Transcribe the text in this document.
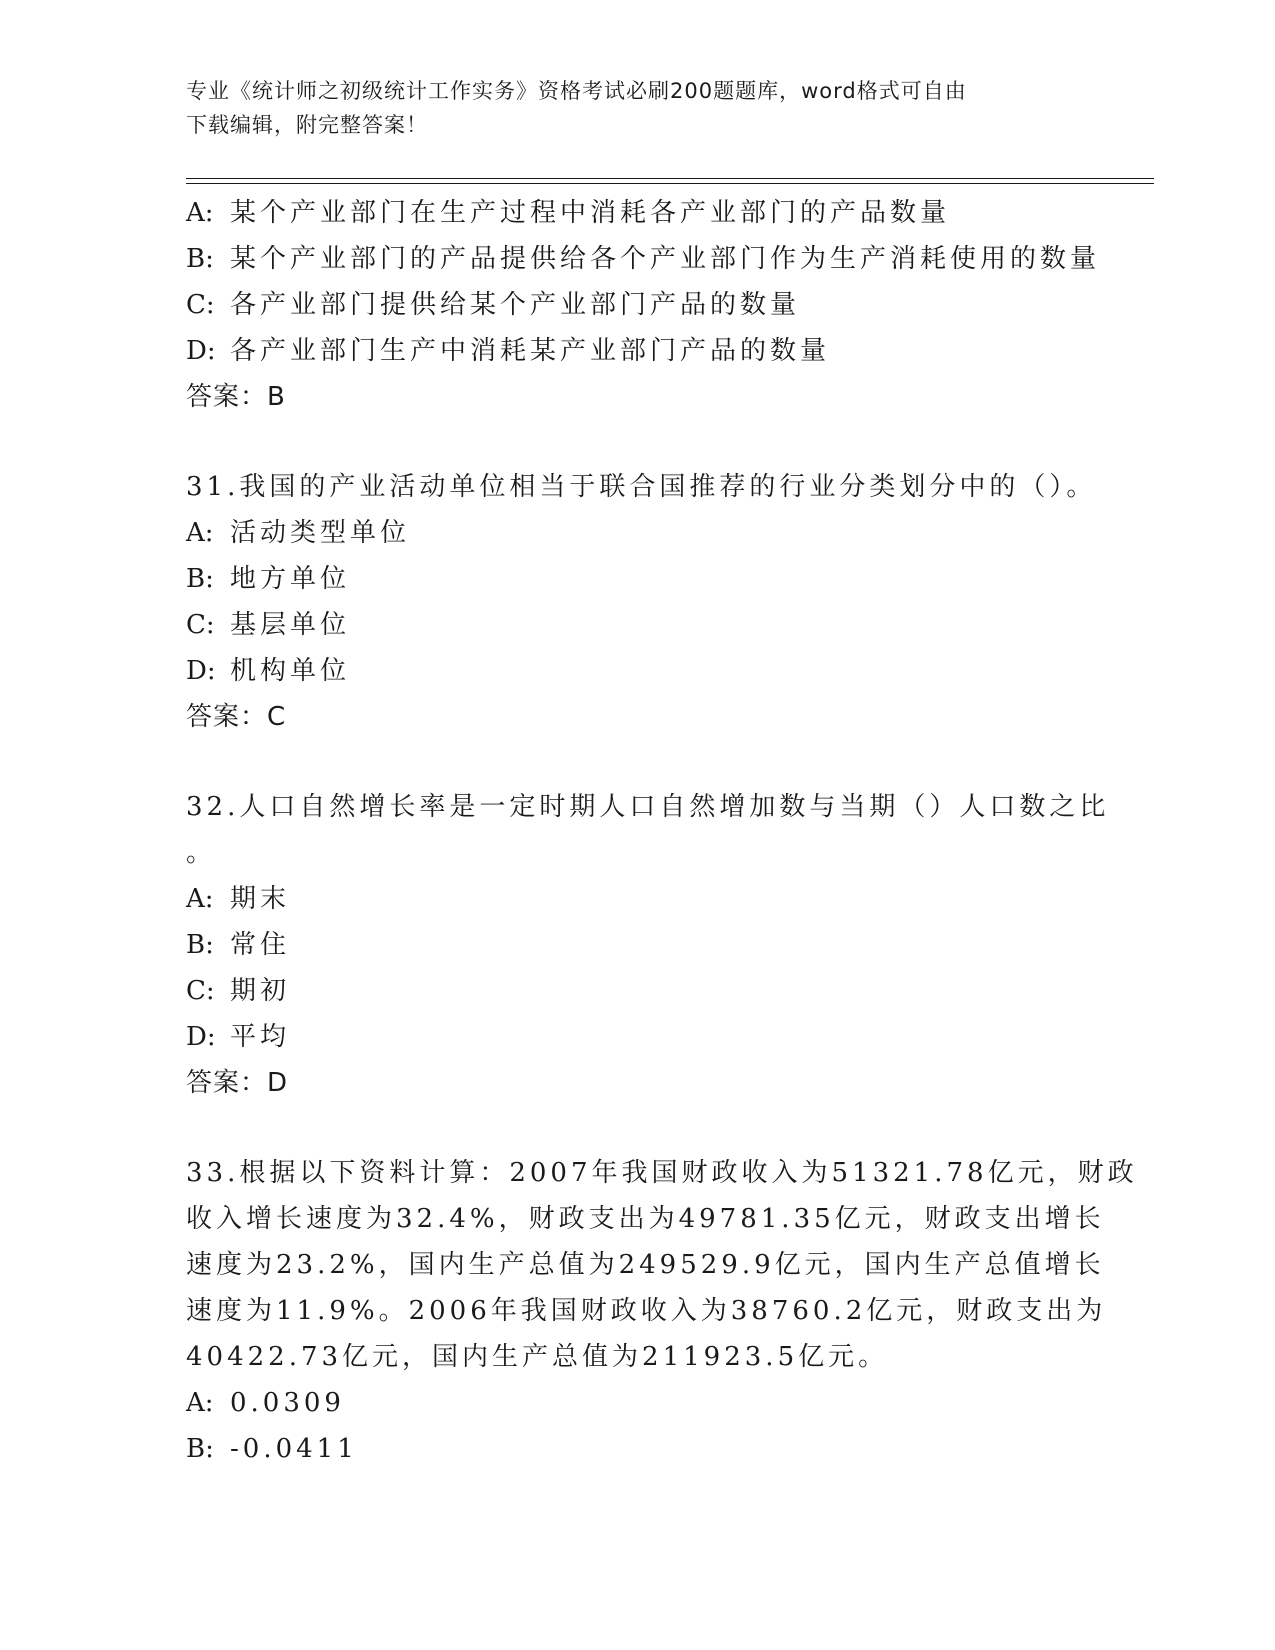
专业《统计师之初级统计工作实务》资格考试必刷200题题库，word格式可自由
下载编辑，附完整答案！
A: 某个产业部门在生产过程中消耗各产业部门的产品数量
B: 某个产业部门的产品提供给各个产业部门作为生产消耗使用的数量
C: 各产业部门提供给某个产业部门产品的数量
D: 各产业部门生产中消耗某产业部门产品的数量
答案：B
31.我国的产业活动单位相当于联合国推荐的行业分类划分中的（）。
A: 活动类型单位
B: 地方单位
C: 基层单位
D: 机构单位
答案：C
32.人口自然增长率是一定时期人口自然增加数与当期（）人口数之比
。
A: 期末
B: 常住
C: 期初
D: 平均
答案：D
33.根据以下资料计算：2007年我国财政收入为51321.78亿元，财政
收入增长速度为32.4%，财政支出为49781.35亿元，财政支出增长
速度为23.2%，国内生产总值为249529.9亿元，国内生产总值增长
速度为11.9%。2006年我国财政收入为38760.2亿元，财政支出为
40422.73亿元，国内生产总值为211923.5亿元。
A: 0.0309
B: -0.0411
